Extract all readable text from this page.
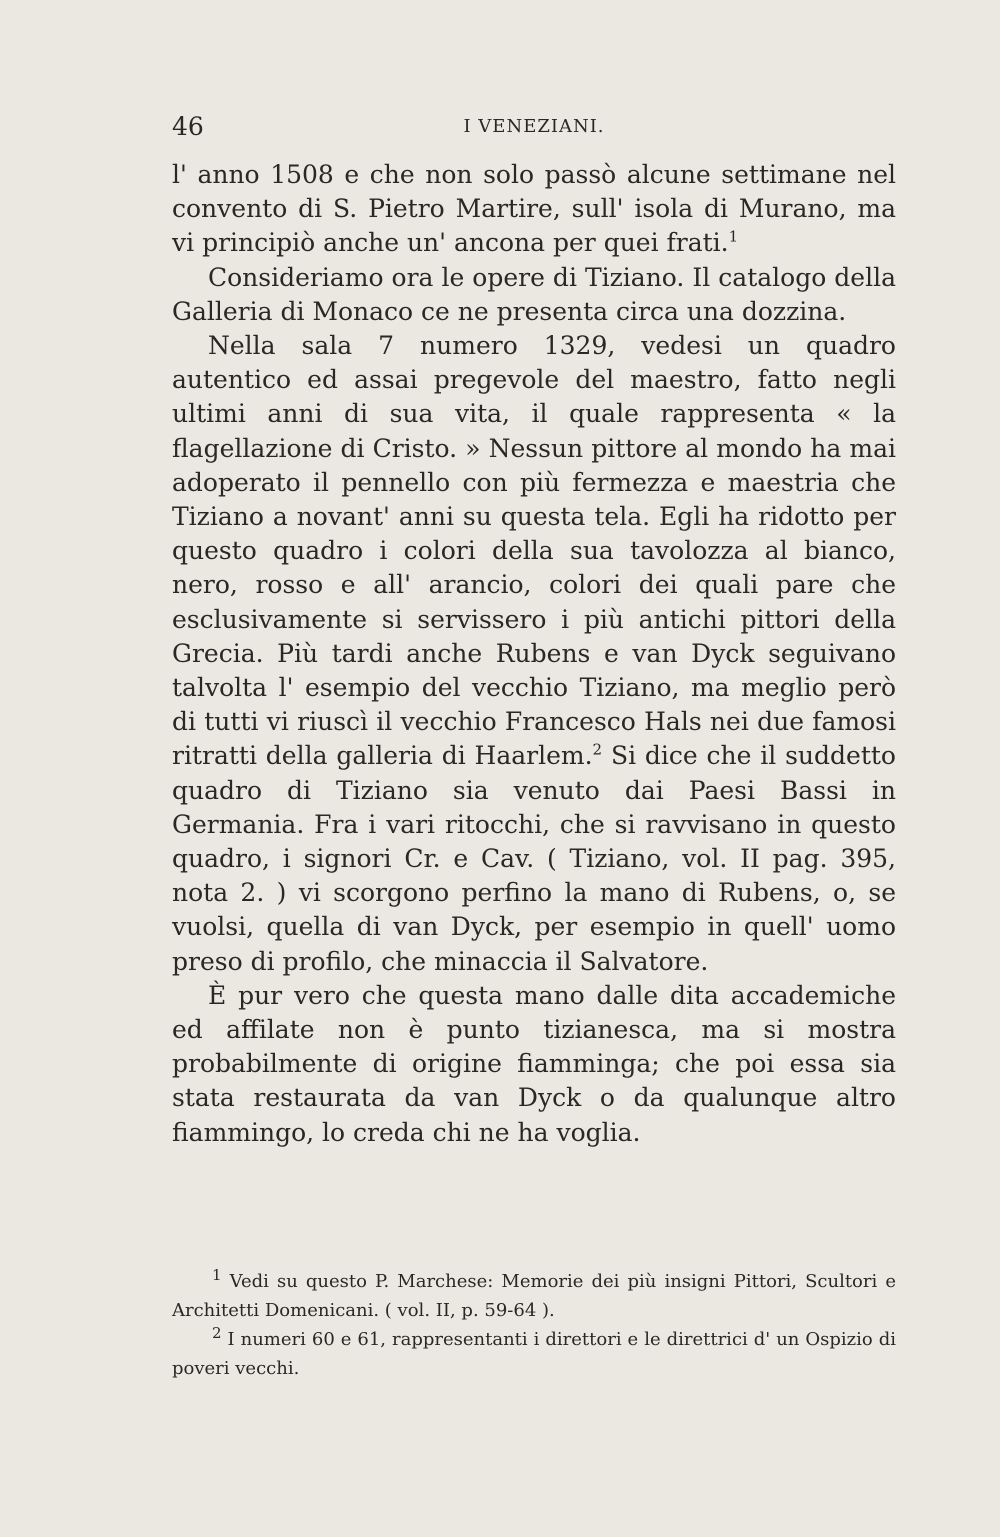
46	I VENEZIANI.

l' anno 1508 e che non solo passò alcune settimane nel convento di S. Pietro Martire, sull' isola di Murano, ma vi principiò anche un' ancona per quei frati.$^1$

Consideriamo ora le opere di Tiziano. Il catalogo della Galleria di Monaco ce ne presenta circa una dozzina.

Nella sala 7 numero 1329, vedesi un quadro autentico ed assai pregevole del maestro, fatto negli ultimi anni di sua vita, il quale rappresenta « la flagellazione di Cristo. » Nessun pittore al mondo ha mai adoperato il pennello con più fermezza e maestria che Tiziano a novant' anni su questa tela. Egli ha ridotto per questo quadro i colori della sua tavolozza al bianco, nero, rosso e all' arancio, colori dei quali pare che esclusivamente si servissero i più antichi pittori della Grecia. Più tardi anche Rubens e van Dyck seguivano talvolta l' esempio del vecchio Tiziano, ma meglio però di tutti vi riuscì il vecchio Francesco Hals nei due famosi ritratti della galleria di Haarlem.$^2$ Si dice che il suddetto quadro di Tiziano sia venuto dai Paesi Bassi in Germania. Fra i vari ritocchi, che si ravvisano in questo quadro, i signori Cr. e Cav. ( Tiziano, vol. II pag. 395, nota 2. ) vi scorgono perfino la mano di Rubens, o, se vuolsi, quella di van Dyck, per esempio in quell' uomo preso di profilo, che minaccia il Salvatore.

È pur vero che questa mano dalle dita accademiche ed affilate non è punto tizianesca, ma si mostra probabilmente di origine fiamminga; che poi essa sia stata restaurata da van Dyck o da qualunque altro fiammingo, lo creda chi ne ha voglia.

$^1$ Vedi su questo P. Marchese: Memorie dei più insigni Pittori, Scultori e Architetti Domenicani. ( vol. II, p. 59-64 ).

$^2$ I numeri 60 e 61, rappresentanti i direttori e le direttrici d' un Ospizio di poveri vecchi.
